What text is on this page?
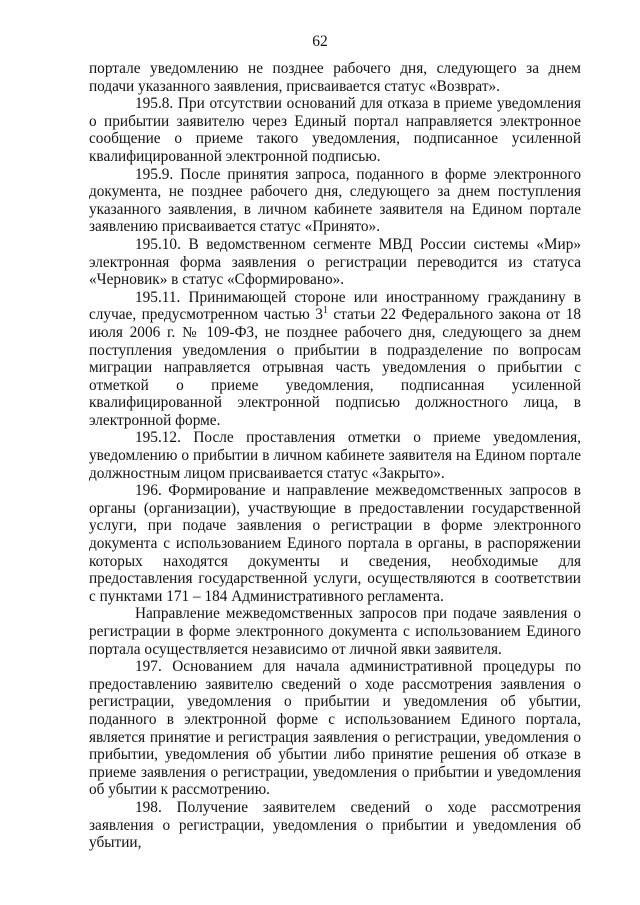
62

портале уведомлению не позднее рабочего дня, следующего за днем подачи указанного заявления, присваивается статус «Возврат».

195.8. При отсутствии оснований для отказа в приеме уведомления о прибытии заявителю через Единый портал направляется электронное сообщение о приеме такого уведомления, подписанное усиленной квалифицированной электронной подписью.

195.9. После принятия запроса, поданного в форме электронного документа, не позднее рабочего дня, следующего за днем поступления указанного заявления, в личном кабинете заявителя на Едином портале заявлению присваивается статус «Принято».

195.10. В ведомственном сегменте МВД России системы «Мир» электронная форма заявления о регистрации переводится из статуса «Черновик» в статус «Сформировано».

195.11. Принимающей стороне или иностранному гражданину в случае, предусмотренном частью $3^1$ статьи 22 Федерального закона от 18 июля 2006 г. № 109-ФЗ, не позднее рабочего дня, следующего за днем поступления уведомления о прибытии в подразделение по вопросам миграции направляется отрывная часть уведомления о прибытии с отметкой о приеме уведомления, подписанная усиленной квалифицированной электронной подписью должностного лица, в электронной форме.

195.12. После проставления отметки о приеме уведомления, уведомлению о прибытии в личном кабинете заявителя на Едином портале должностным лицом присваивается статус «Закрыто».

196. Формирование и направление межведомственных запросов в органы (организации), участвующие в предоставлении государственной услуги, при подаче заявления о регистрации в форме электронного документа с использованием Единого портала в органы, в распоряжении которых находятся документы и сведения, необходимые для предоставления государственной услуги, осуществляются в соответствии с пунктами 171 – 184 Административного регламента.

Направление межведомственных запросов при подаче заявления о регистрации в форме электронного документа с использованием Единого портала осуществляется независимо от личной явки заявителя.

197. Основанием для начала административной процедуры по предоставлению заявителю сведений о ходе рассмотрения заявления о регистрации, уведомления о прибытии и уведомления об убытии, поданного в электронной форме с использованием Единого портала, является принятие и регистрация заявления о регистрации, уведомления о прибытии, уведомления об убытии либо принятие решения об отказе в приеме заявления о регистрации, уведомления о прибытии и уведомления об убытии к рассмотрению.

198. Получение заявителем сведений о ходе рассмотрения заявления о регистрации, уведомления о прибытии и уведомления об убытии,
